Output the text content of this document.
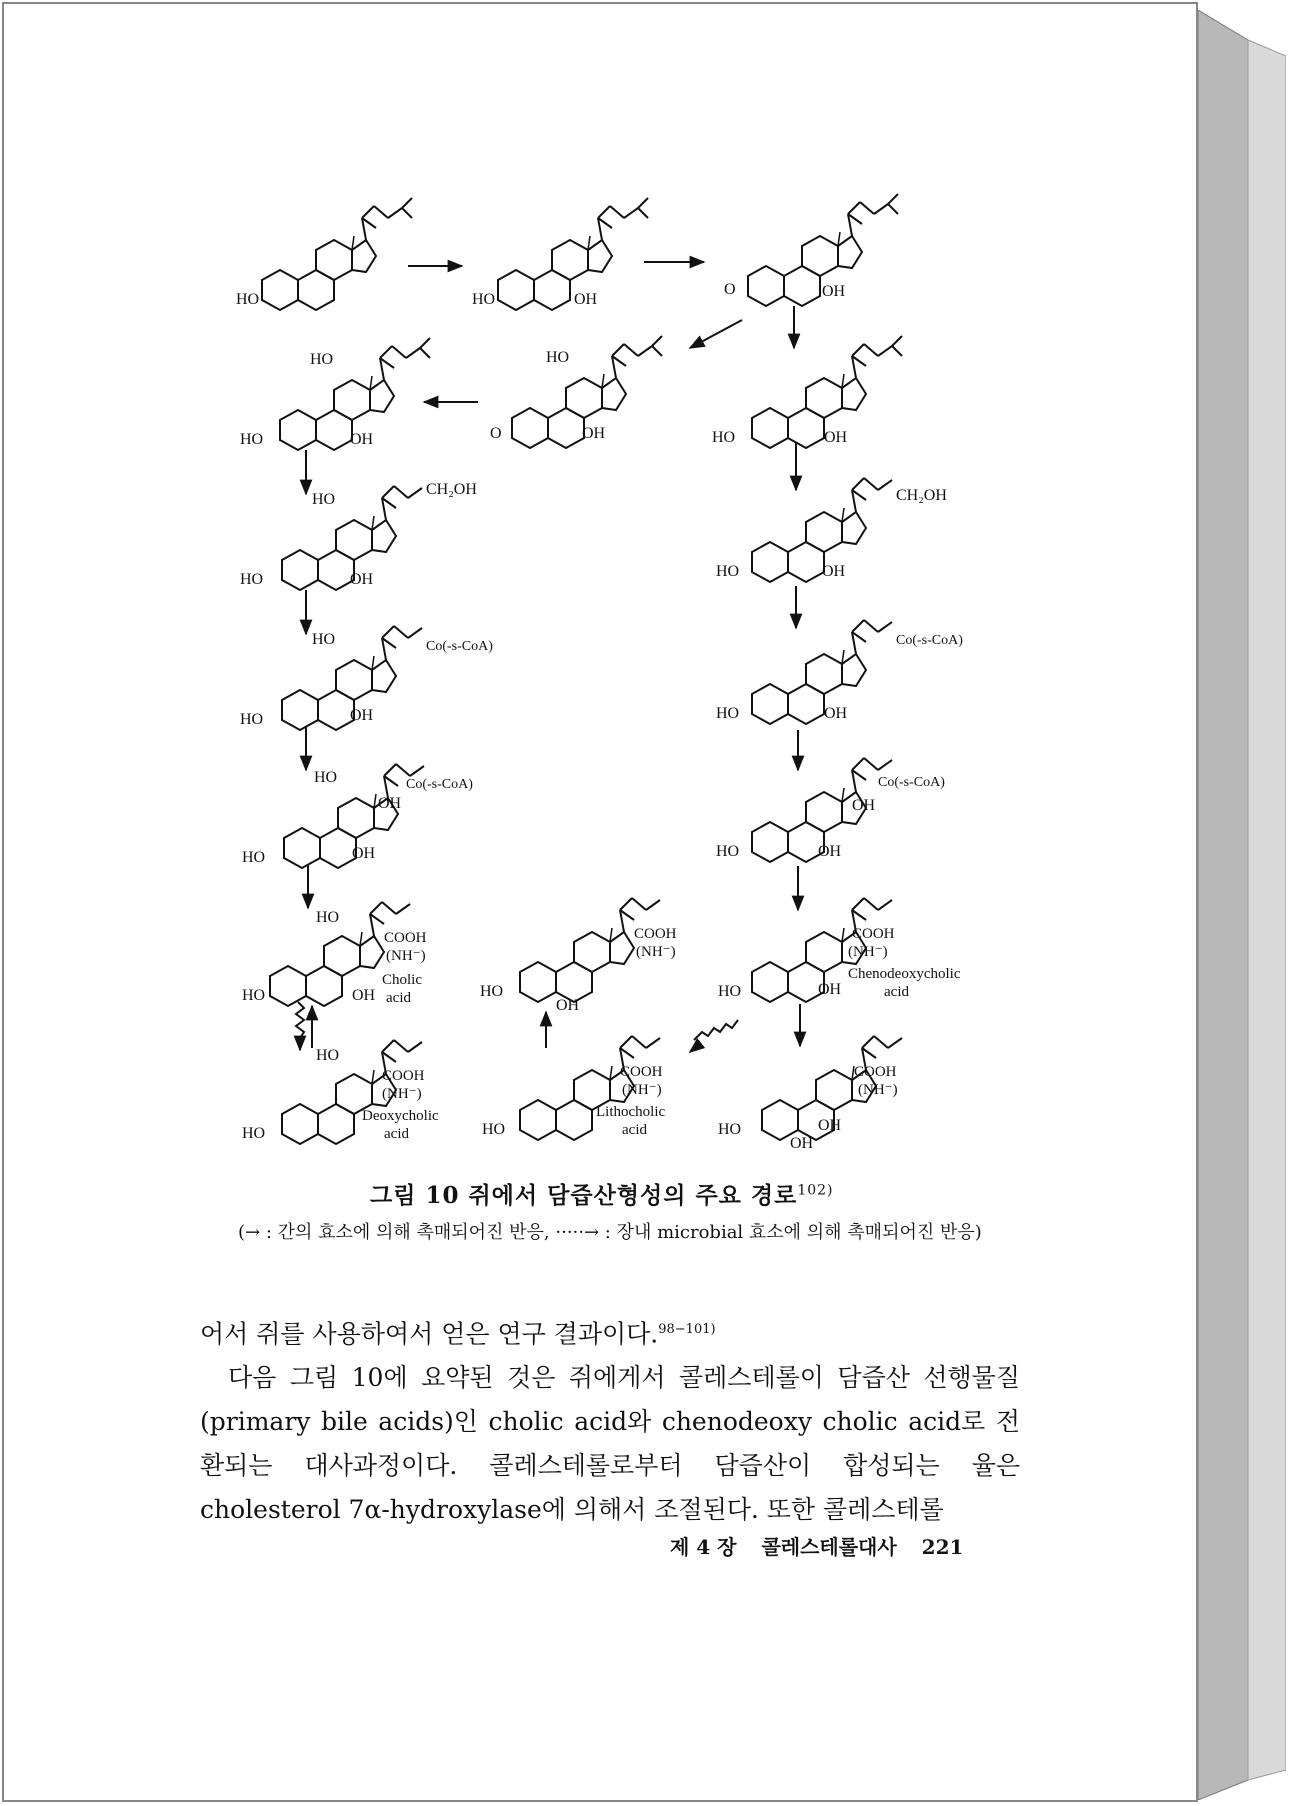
HO	HO	OH
O	OH
HO
HO	OH
HO
O	OH	HO	OH
HO
CH₂OH
HO	OH
CH₂OH
HO	OH
HO	Co(-s-CoA)
HO	OH
Co(-s-CoA)
HO	OH
HO	Co(-s-CoA)
OH
HO	OH
Co(-s-CoA)
OH
HO	OH
HO
COOH
(NH⁻)
Cholic
acid
HO	OH
COOH
(NH⁻)
HO
OH
COOH
(NH⁻)
Chenodeoxycholic
acid
HO	OH
HO
COOH
(NH⁻)
Deoxycholic
acid
HO
COOH
(NH⁻)
Lithocholic
acid
HO
COOH
(NH⁻)
HO	OH
OH
그림 10 쥐에서 담즙산형성의 주요 경로$^{102)}$
(→ : 간의 효소에 의해 촉매되어진 반응, ·····→ : 장내 microbial 효소에 의해 촉매되어진 반응)

어서 쥐를 사용하여서 얻은 연구 결과이다.$^{98-101)}$

다음 그림 10에 요약된 것은 쥐에게서 콜레스테롤이 담즙산 선행물질(primary bile acids)인 cholic acid와 chenodeoxy cholic acid로 전환되는 대사과정이다. 콜레스테롤로부터 담즙산이 합성되는 율은 cholesterol 7α-hydroxylase에 의해서 조절된다. 또한 콜레스테롤

제 4 장 콜레스테롤대사 221
